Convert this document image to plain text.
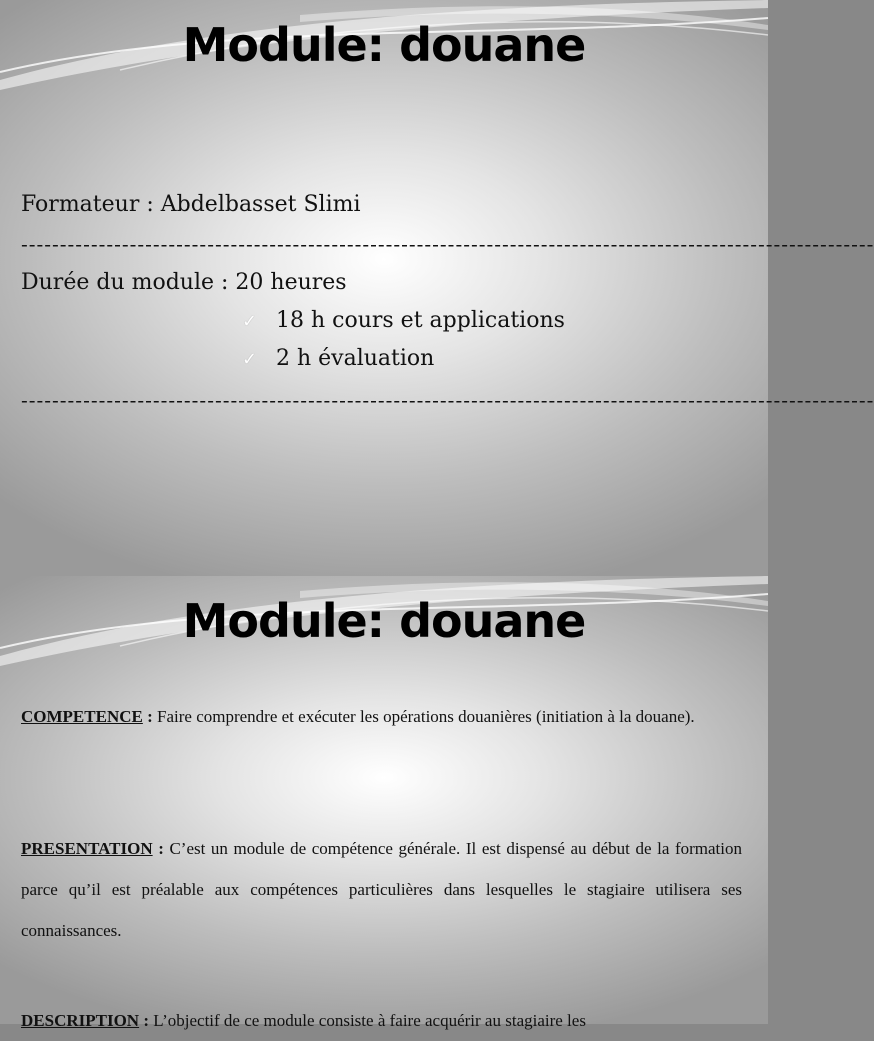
Module: douane
Formateur : Abdelbasset Slimi
--------------------------------------------------------------------------------------------------------------
Durée du module : 20 heures
✓ 18 h cours et applications
✓ 2 h évaluation
--------------------------------------------------------------------------------------------------------------
Module: douane
COMPETENCE : Faire comprendre et exécuter les opérations douanières (initiation à la douane).
PRESENTATION : C’est un module de compétence générale. Il est dispensé au début de la formation parce qu’il est préalable aux compétences particulières dans lesquelles le stagiaire utilisera ses connaissances.
DESCRIPTION : L’objectif de ce module consiste à faire acquérir au stagiaire les
